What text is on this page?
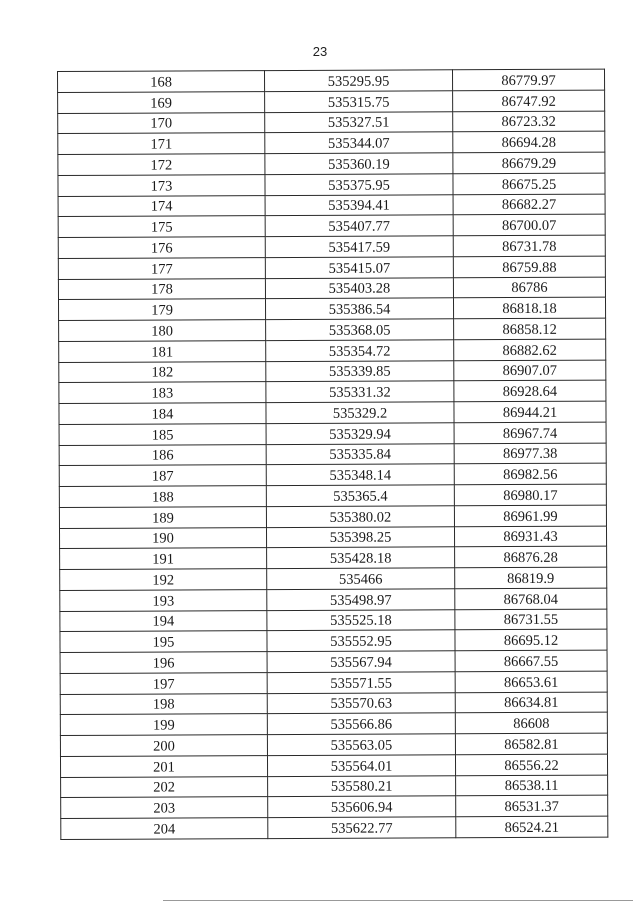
23
168	535295.95	86779.97
169	535315.75	86747.92
170	535327.51	86723.32
171	535344.07	86694.28
172	535360.19	86679.29
173	535375.95	86675.25
174	535394.41	86682.27
175	535407.77	86700.07
176	535417.59	86731.78
177	535415.07	86759.88
178	535403.28	86786
179	535386.54	86818.18
180	535368.05	86858.12
181	535354.72	86882.62
182	535339.85	86907.07
183	535331.32	86928.64
184	535329.2	86944.21
185	535329.94	86967.74
186	535335.84	86977.38
187	535348.14	86982.56
188	535365.4	86980.17
189	535380.02	86961.99
190	535398.25	86931.43
191	535428.18	86876.28
192	535466	86819.9
193	535498.97	86768.04
194	535525.18	86731.55
195	535552.95	86695.12
196	535567.94	86667.55
197	535571.55	86653.61
198	535570.63	86634.81
199	535566.86	86608
200	535563.05	86582.81
201	535564.01	86556.22
202	535580.21	86538.11
203	535606.94	86531.37
204	535622.77	86524.21
